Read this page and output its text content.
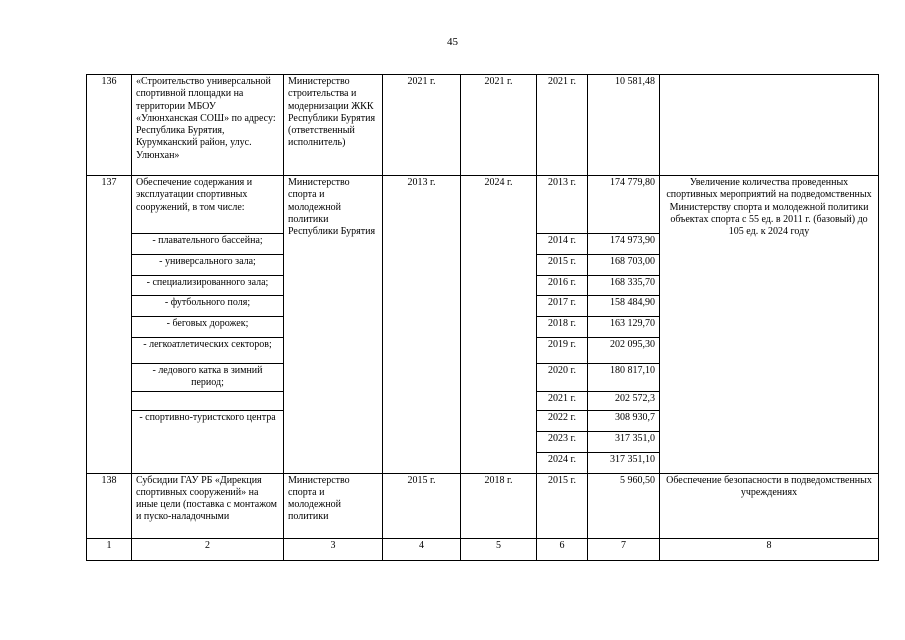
45
136	«Строительство универсальной спортивной площадки на территории МБОУ «Улюнханская СОШ» по адресу: Республика Бурятия, Курумканский район, улус. Улюнхан»	Министерство строительства и модернизации ЖКК Республики Бурятия (ответственный исполнитель)	2021 г.	2021 г.	2021 г.	10 581,48	
137	Обеспечение содержания и эксплуатации спортивных сооружений, в том числе:	Министерство спорта и молодежной политики Республики Бурятия	2013 г.	2024 г.	2013 г.	174 779,80	Увеличение количества проведенных спортивных мероприятий на подведомственных Министерству спорта и молодежной политики объектах спорта с 55 ед. в 2011 г. (базовый) до 105 ед. к 2024 году
	- плавательного бассейна;				2014 г.	174 973,90	
	- универсального зала;				2015 г.	168 703,00	
	- специализированного зала;				2016 г.	168 335,70	
	- футбольного поля;				2017 г.	158 484,90	
	- беговых дорожек;				2018 г.	163 129,70	
	- легкоатлетических секторов;				2019 г.	202 095,30	
	- ледового катка в зимний период;				2020 г.	180 817,10	
					2021 г.	202 572,3	
	- спортивно-туристского центра				2022 г.	308 930,7	
					2023 г.	317 351,0	
					2024 г.	317 351,10	
138	Субсидии ГАУ РБ «Дирекция спортивных сооружений» на иные цели (поставка с монтажом и пуско-наладочными	Министерство спорта и молодежной политики	2015 г.	2018 г.	2015 г.	5 960,50	Обеспечение безопасности в подведомственных учреждениях
1	2	3	4	5	6	7	8
